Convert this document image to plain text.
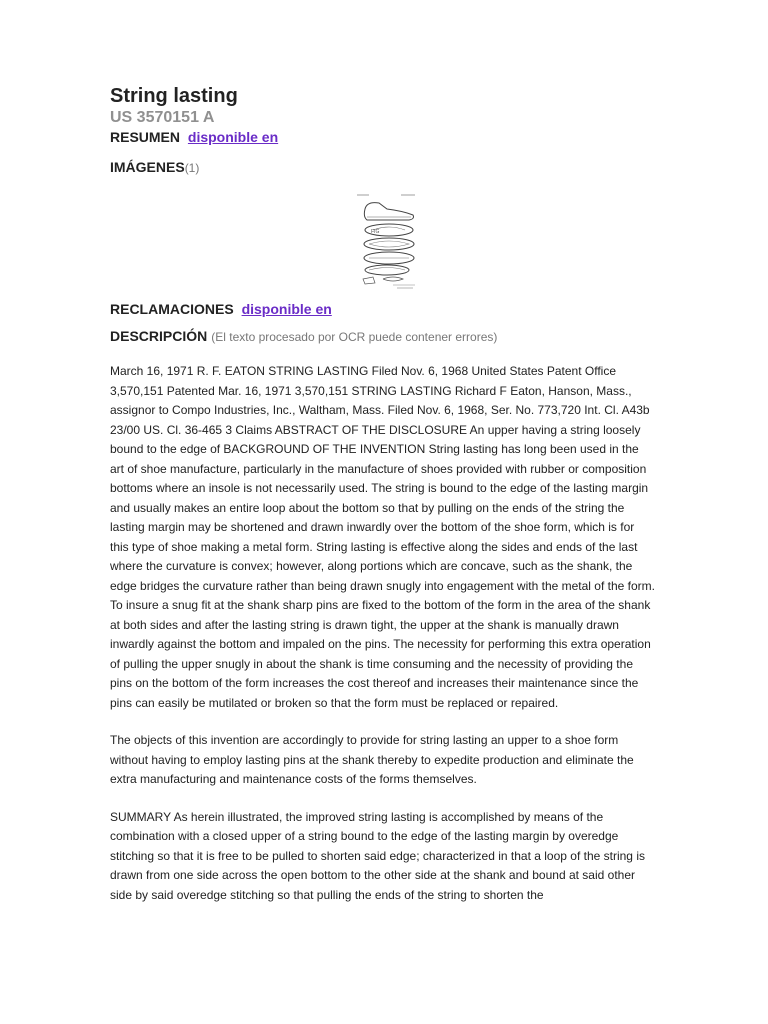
String lasting
US 3570151 A
RESUMEN disponible en
IMÁGENES(1)
FIG
RECLAMACIONES disponible en
DESCRIPCIÓN (El texto procesado por OCR puede contener errores)

March 16, 1971 R. F. EATON STRING LASTING Filed Nov. 6, 1968 United States Patent Office 3,570,151 Patented Mar. 16, 1971 3,570,151 STRING LASTING Richard F Eaton, Hanson, Mass., assignor to Compo Industries, Inc., Waltham, Mass. Filed Nov. 6, 1968, Ser. No. 773,720 Int. Cl. A43b 23/00 US. Cl. 36-465 3 Claims ABSTRACT OF THE DISCLOSURE An upper having a string loosely bound to the edge of BACKGROUND OF THE INVENTION String lasting has long been used in the art of shoe manufacture, particularly in the manufacture of shoes provided with rubber or composition bottoms where an insole is not necessarily used. The string is bound to the edge of the lasting margin and usually makes an entire loop about the bottom so that by pulling on the ends of the string the lasting margin may be shortened and drawn inwardly over the bottom of the shoe form, which is for this type of shoe making a metal form. String lasting is effective along the sides and ends of the last where the curvature is convex; however, along portions which are concave, such as the shank, the edge bridges the curvature rather than being drawn snugly into engagement with the metal of the form. To insure a snug fit at the shank sharp pins are fixed to the bottom of the form in the area of the shank at both sides and after the lasting string is drawn tight, the upper at the shank is manually drawn inwardly against the bottom and impaled on the pins. The necessity for performing this extra operation of pulling the upper snugly in about the shank is time consuming and the necessity of providing the pins on the bottom of the form increases the cost thereof and increases their maintenance since the pins can easily be mutilated or broken so that the form must be replaced or repaired.

The objects of this invention are accordingly to provide for string lasting an upper to a shoe form without having to employ lasting pins at the shank thereby to expedite production and eliminate the extra manufacturing and maintenance costs of the forms themselves.

SUMMARY As herein illustrated, the improved string lasting is accomplished by means of the combination with a closed upper of a string bound to the edge of the lasting margin by overedge stitching so that it is free to be pulled to shorten said edge; characterized in that a loop of the string is drawn from one side across the open bottom to the other side at the shank and bound at said other side by said overedge stitching so that pulling the ends of the string to shorten the
